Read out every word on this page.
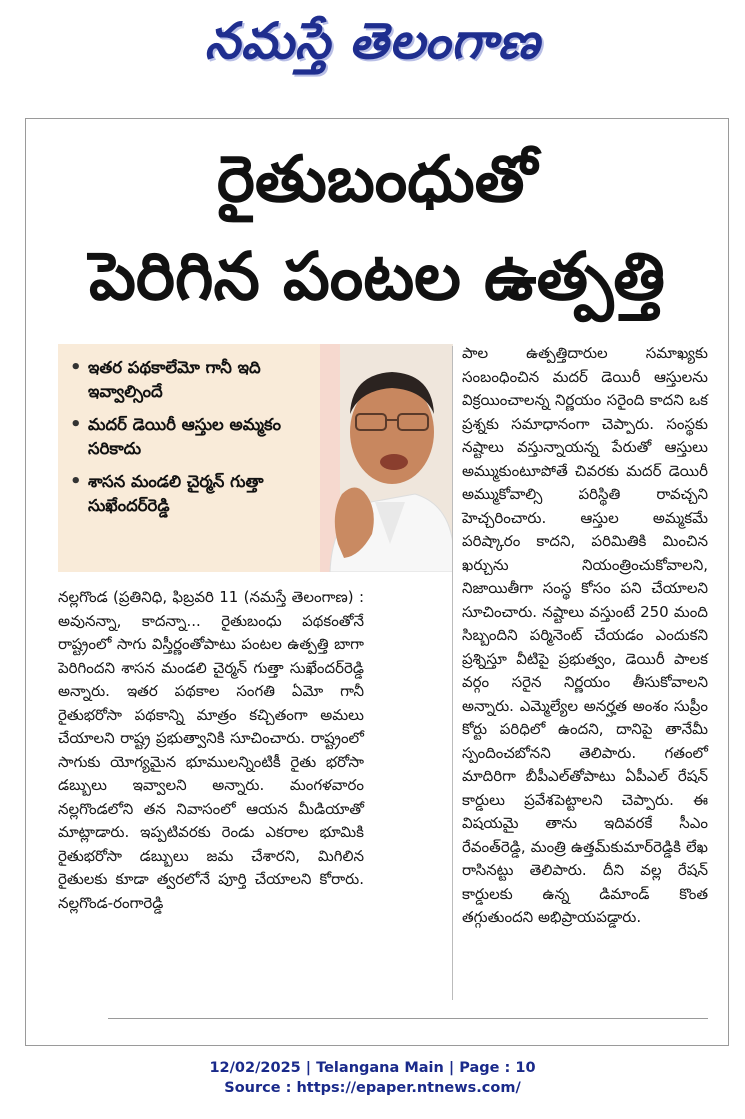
నమస్తే తెలంగాణ
రైతుబంధుతో
పెరిగిన పంటల ఉత్పత్తి
• ఇతర పథకాలేమో గానీ ఇది ఇవ్వాల్సిందే
• మదర్ డెయిరీ ఆస్తుల అమ్మకం సరికాదు
• శాసన మండలి చైర్మన్ గుత్తా సుఖేందర్‌రెడ్డి

పాల ఉత్పత్తిదారుల సమాఖ్యకు సంబంధించిన మదర్ డెయిరీ ఆస్తులను విక్రయించాలన్న నిర్ణయం సరైంది కాదని ఒక ప్రశ్నకు సమాధానంగా చెప్పారు. సంస్థకు నష్టాలు వస్తున్నాయన్న పేరుతో ఆస్తులు అమ్ముకుంటూపోతే చివరకు మదర్ డెయిరీ అమ్ముకోవాల్సి పరిస్థితి రావచ్చని హెచ్చరించారు. ఆస్తుల అమ్మకమే పరిష్కారం కాదని, పరిమితికి మించిన ఖర్చును నియంత్రించుకోవాలని, నిజాయితీగా సంస్థ కోసం పని చేయాలని సూచించారు. నష్టాలు వస్తుంటే 250 మంది సిబ్బందిని పర్మినెంట్ చేయడం ఎందుకని ప్రశ్నిస్తూ వీటిపై ప్రభుత్వం, డెయిరీ పాలక వర్గం సరైన నిర్ణయం తీసుకోవాలని అన్నారు. ఎమ్మెల్యేల అనర్హత అంశం సుప్రీం కోర్టు పరిధిలో ఉందని, దానిపై తానేమీ స్పందించబోనని తెలిపారు. గతంలో మాదిరిగా బీపీఎల్‌తోపాటు ఏపీఎల్ రేషన్ కార్డులు ప్రవేశపెట్టాలని చెప్పారు. ఈ విషయమై తాను ఇదివరకే సీఎం రేవంత్‌రెడ్డి, మంత్రి ఉత్తమ్‌కుమార్‌రెడ్డికి లేఖ రాసినట్టు తెలిపారు. దీని వల్ల రేషన్ కార్డులకు ఉన్న డిమాండ్ కొంత తగ్గుతుందని అభిప్రాయపడ్డారు.

నల్లగొండ (ప్రతినిధి, ఫిబ్రవరి 11 (నమస్తే తెలంగాణ) : అవునన్నా, కాదన్నా... రైతుబంధు పథకంతోనే రాష్ట్రంలో సాగు విస్తీర్ణంతోపాటు పంటల ఉత్పత్తి బాగా పెరిగిందని శాసన మండలి చైర్మన్ గుత్తా సుఖేందర్‌రెడ్డి అన్నారు. ఇతర పథకాల సంగతి ఏమో గానీ రైతుభరోసా పథకాన్ని మాత్రం కచ్చితంగా అమలు చేయాలని రాష్ట్ర ప్రభుత్వానికి సూచించారు. రాష్ట్రంలో సాగుకు యోగ్యమైన భూములన్నింటికీ రైతు భరోసా డబ్బులు ఇవ్వాలని అన్నారు. మంగళవారం నల్లగొండలోని తన నివాసంలో ఆయన మీడియాతో మాట్లాడారు. ఇప్పటివరకు రెండు ఎకరాల భూమికి రైతుభరోసా డబ్బులు జమ చేశారని, మిగిలిన రైతులకు కూడా త్వరలోనే పూర్తి చేయాలని కోరారు. నల్లగొండ-రంగారెడ్డి

12/02/2025 | Telangana Main | Page : 10
Source : https://epaper.ntnews.com/
